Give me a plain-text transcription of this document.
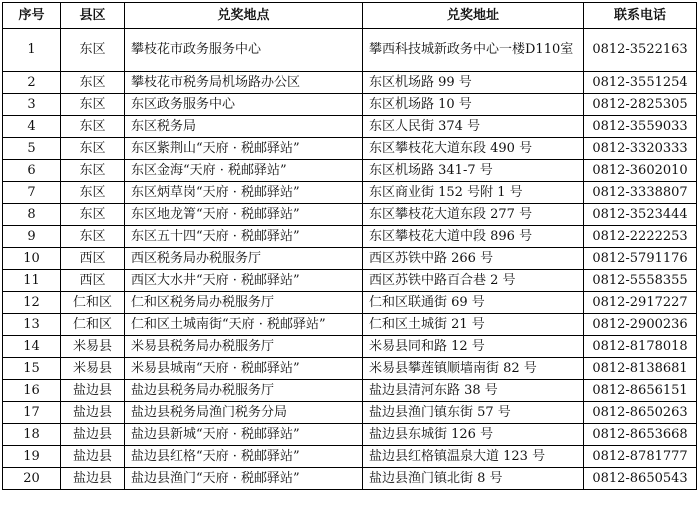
序号	县区	兑奖地点	兑奖地址	联系电话
1	东区	攀枝花市政务服务中心	攀西科技城新政务中心一楼D110室	0812-3522163
2	东区	攀枝花市税务局机场路办公区	东区机场路 99 号	0812-3551254
3	东区	东区政务服务中心	东区机场路 10 号	0812-2825305
4	东区	东区税务局	东区人民街 374 号	0812-3559033
5	东区	东区紫荆山“天府 · 税邮驿站”	东区攀枝花大道东段 490 号	0812-3320333
6	东区	东区金海“天府 · 税邮驿站”	东区机场路 341-7 号	0812-3602010
7	东区	东区炳草岗“天府 · 税邮驿站”	东区商业街 152 号附 1 号	0812-3338807
8	东区	东区地龙箐“天府 · 税邮驿站”	东区攀枝花大道东段 277 号	0812-3523444
9	东区	东区五十四“天府 · 税邮驿站”	东区攀枝花大道中段 896 号	0812-2222253
10	西区	西区税务局办税服务厅	西区苏铁中路 266 号	0812-5791176
11	西区	西区大水井“天府 · 税邮驿站”	西区苏铁中路百合巷 2 号	0812-5558355
12	仁和区	仁和区税务局办税服务厅	仁和区联通街 69 号	0812-2917227
13	仁和区	仁和区土城南街“天府 · 税邮驿站”	仁和区土城街 21 号	0812-2900236
14	米易县	米易县税务局办税服务厅	米易县同和路 12 号	0812-8178018
15	米易县	米易县城南“天府 · 税邮驿站”	米易县攀莲镇顺墙南街 82 号	0812-8138681
16	盐边县	盐边县税务局办税服务厅	盐边县清河东路 38 号	0812-8656151
17	盐边县	盐边县税务局渔门税务分局	盐边县渔门镇东街 57 号	0812-8650263
18	盐边县	盐边县新城“天府 · 税邮驿站”	盐边县东城街 126 号	0812-8653668
19	盐边县	盐边县红格“天府 · 税邮驿站”	盐边县红格镇温泉大道 123 号	0812-8781777
20	盐边县	盐边县渔门“天府 · 税邮驿站”	盐边县渔门镇北街 8 号	0812-8650543
